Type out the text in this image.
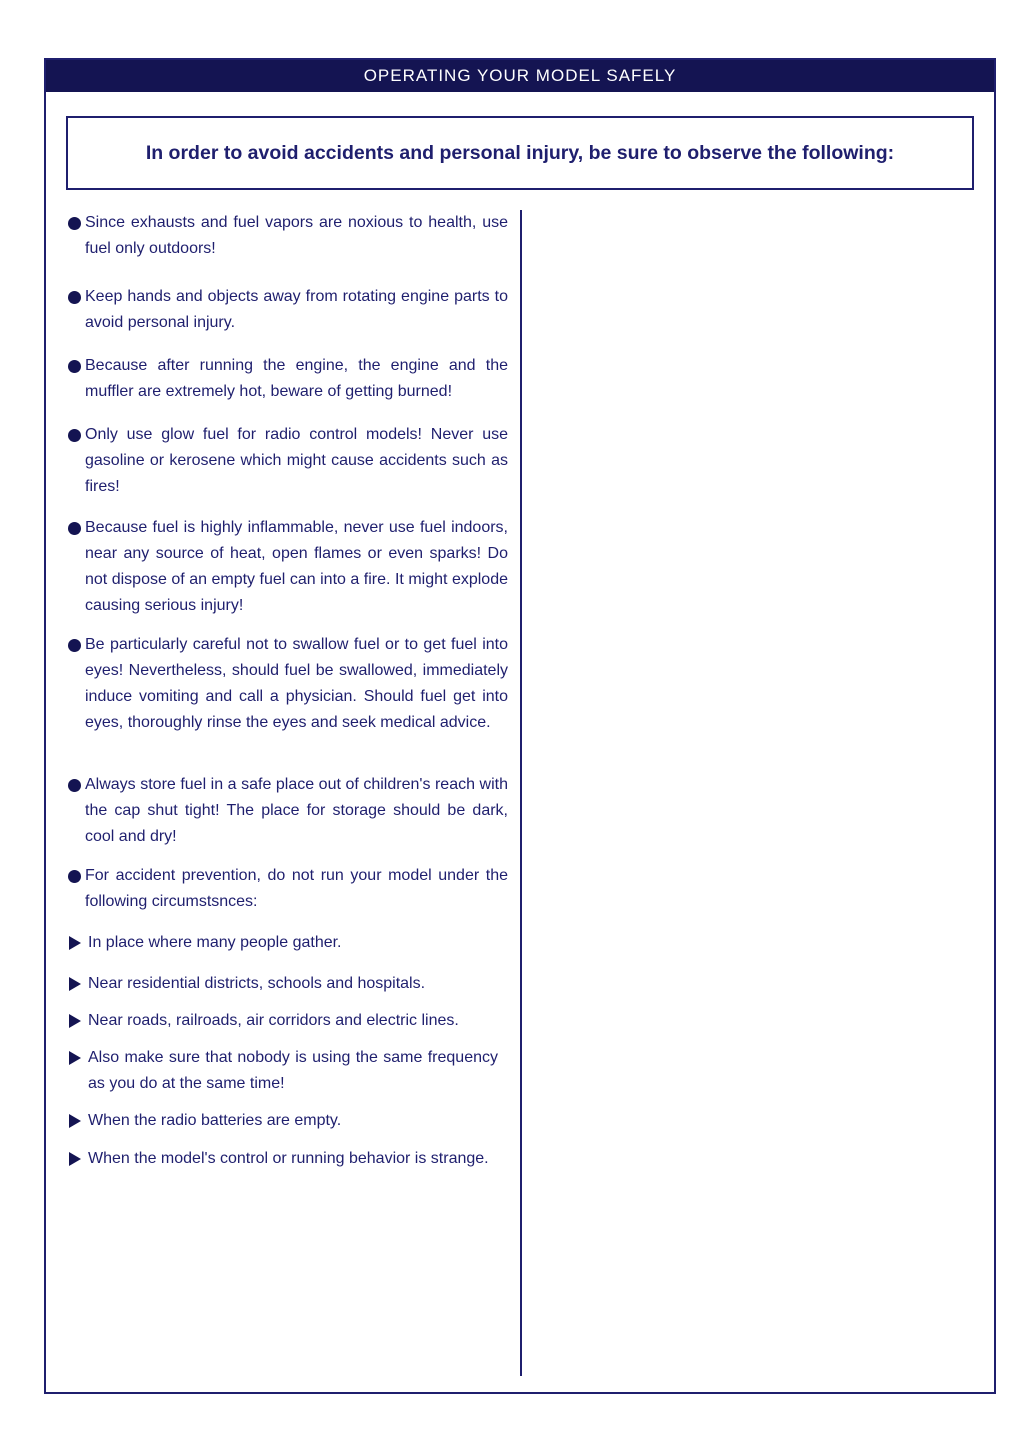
OPERATING YOUR MODEL SAFELY
In order to avoid accidents and personal injury, be sure to observe the following:
Since exhausts and fuel vapors are noxious to health, use fuel only outdoors!
Keep hands and objects away from rotating engine parts to avoid personal injury.
Because after running the engine, the engine and the muffler are extremely hot, beware of getting burned!
Only use glow fuel for radio control models! Never use gasoline or kerosene which might cause accidents such as fires!
Because fuel is highly inflammable, never use fuel indoors, near any source of heat, open flames or even sparks! Do not dispose of an empty fuel can into a fire. It might explode causing serious injury!
Be particularly careful not to swallow fuel or to get fuel into eyes! Nevertheless, should fuel be swallowed, immediately induce vomiting and call a physician. Should fuel get into eyes, thoroughly rinse the eyes and seek medical advice.
Always store fuel in a safe place out of children's reach with the cap shut tight! The place for storage should be dark, cool and dry!
For accident prevention, do not run your model under the following circumstsnces:
In place where many people gather.
Near residential districts, schools and hospitals.
Near roads, railroads, air corridors and electric lines.
Also make sure that nobody is using the same frequency as you do at the same time!
When the radio batteries are empty.
When the model's control or running behavior is strange.
